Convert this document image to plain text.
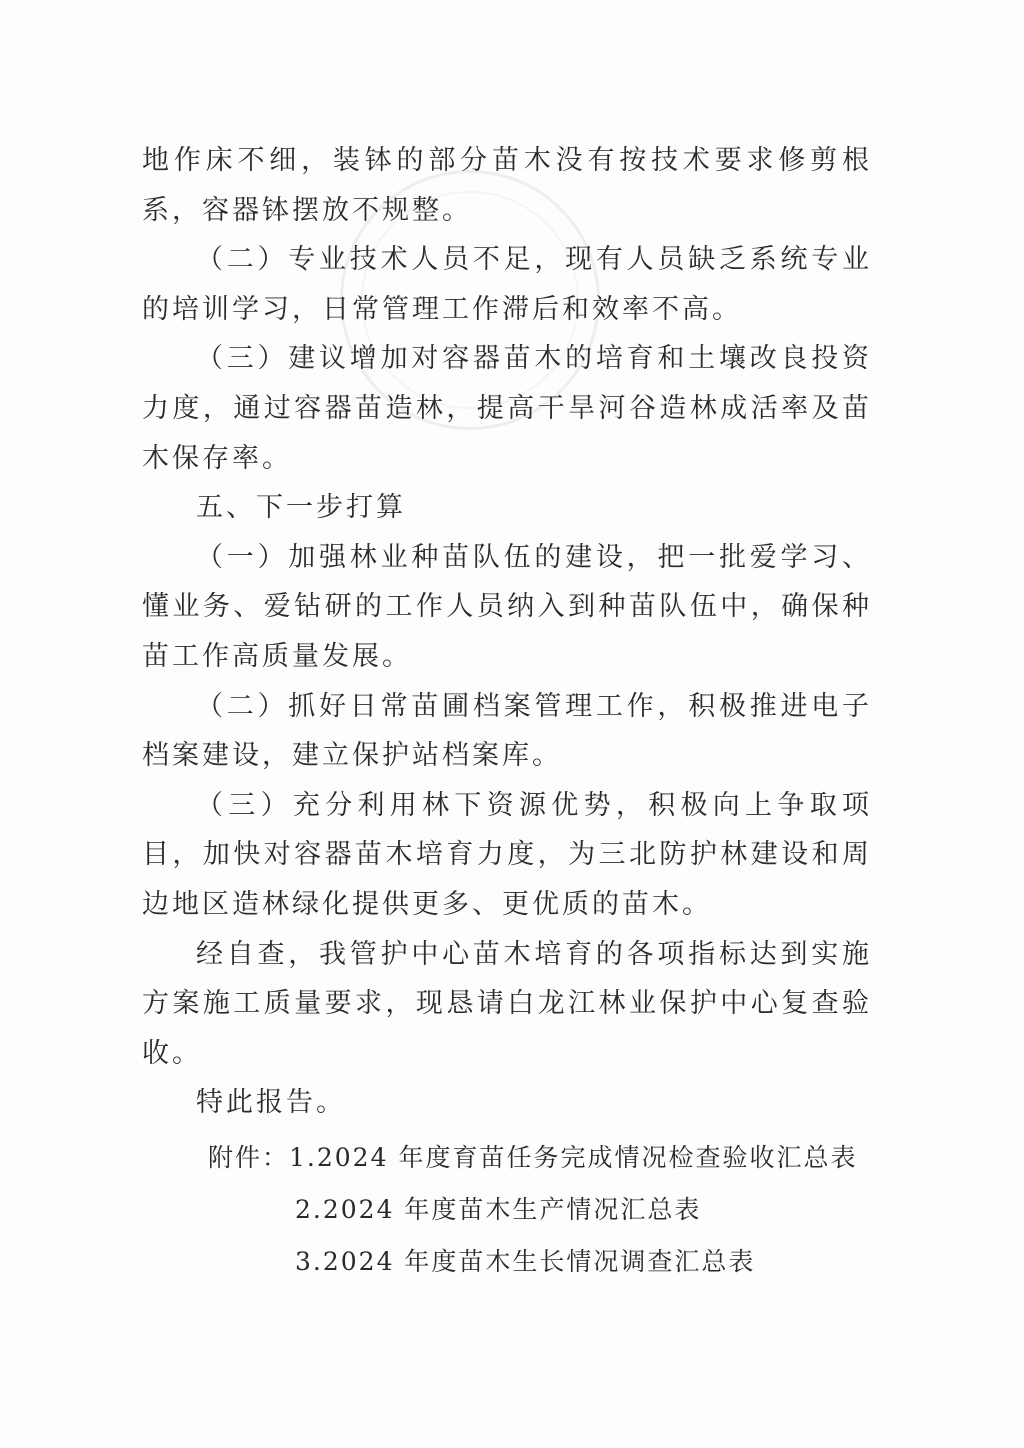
地作床不细，装钵的部分苗木没有按技术要求修剪根系，容器钵摆放不规整。

（二）专业技术人员不足，现有人员缺乏系统专业的培训学习，日常管理工作滞后和效率不高。

（三）建议增加对容器苗木的培育和土壤改良投资力度，通过容器苗造林，提高干旱河谷造林成活率及苗木保存率。

五、下一步打算

（一）加强林业种苗队伍的建设，把一批爱学习、懂业务、爱钻研的工作人员纳入到种苗队伍中，确保种苗工作高质量发展。

（二）抓好日常苗圃档案管理工作，积极推进电子档案建设，建立保护站档案库。

（三）充分利用林下资源优势，积极向上争取项目，加快对容器苗木培育力度，为三北防护林建设和周边地区造林绿化提供更多、更优质的苗木。

经自查，我管护中心苗木培育的各项指标达到实施方案施工质量要求，现恳请白龙江林业保护中心复查验收。

特此报告。

附件：1.2024 年度育苗任务完成情况检查验收汇总表
2.2024 年度苗木生产情况汇总表
3.2024 年度苗木生长情况调查汇总表
